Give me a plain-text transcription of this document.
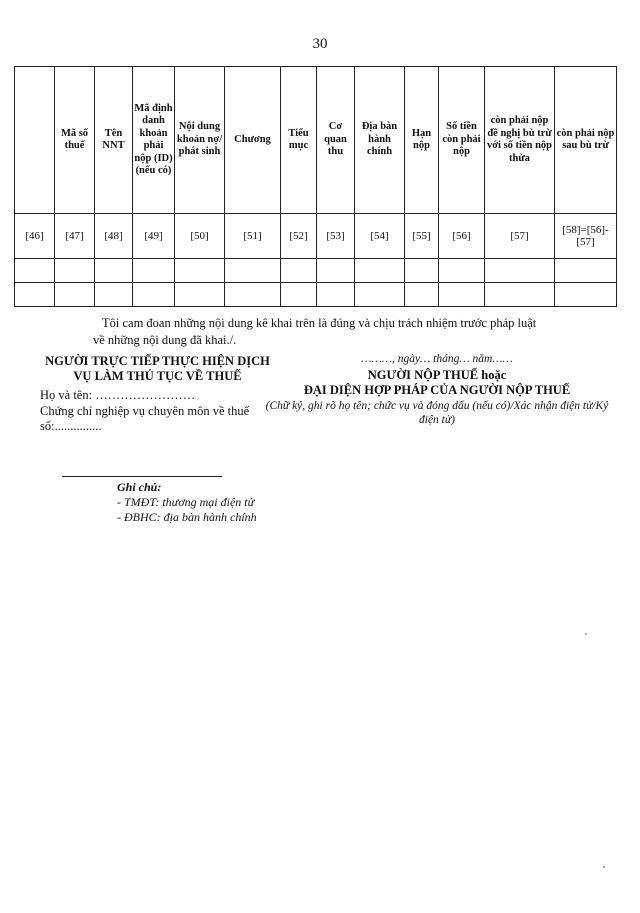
30

	Mã số thuế	Tên NNT	Mã định danh khoản phải nộp (ID) (nếu có)	Nội dung khoản nợ/ phát sinh	Chương	Tiểu mục	Cơ quan thu	Địa bàn hành chính	Hạn nộp	Số tiền còn phải nộp	còn phải nộp đề nghị bù trừ với số tiền nộp thừa	còn phải nộp sau bù trừ

[46]	[47]	[48]	[49]	[50]	[51]	[52]	[53]	[54]	[55]	[56]	[57]	[58]=[56]-[57]

Tôi cam đoan những nội dung kê khai trên là đúng và chịu trách nhiệm trước pháp luật
về những nội dung đã khai./.
NGƯỜI TRỰC TIẾP THỰC HIỆN DỊCH VỤ LÀM THỦ TỤC VỀ THUẾ
Họ và tên: ……………………
Chứng chỉ nghiệp vụ chuyên môn về thuế số:...............
………, ngày… tháng… năm……
NGƯỜI NỘP THUẾ hoặc
ĐẠI DIỆN HỢP PHÁP CỦA NGƯỜI NỘP THUẾ
(Chữ ký, ghi rõ họ tên; chức vụ và đóng dấu (nếu có)/Xác nhận điện tử/Ký điện tử)
Ghi chú:
- TMĐT: thương mại điện tử
- ĐBHC: địa bàn hành chính
